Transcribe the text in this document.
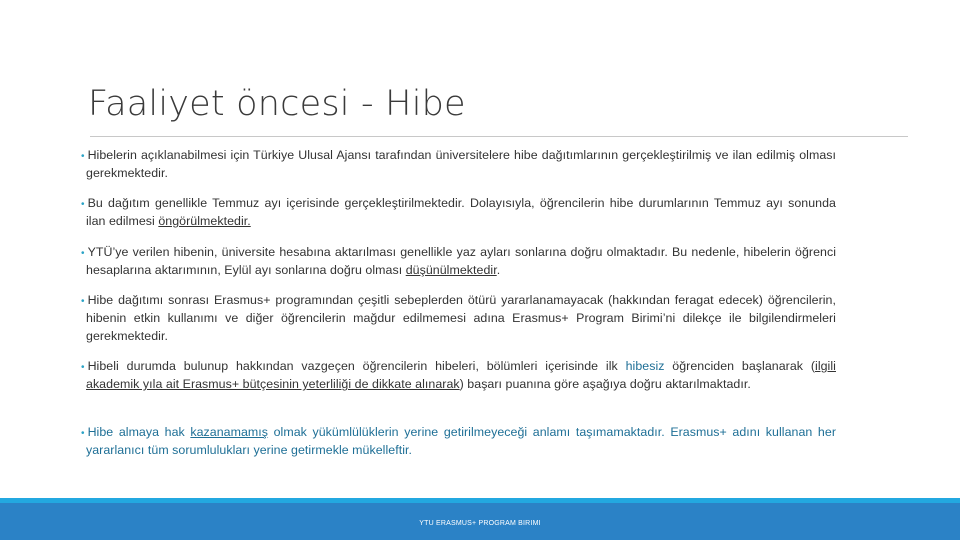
Faaliyet öncesi - Hibe
• Hibelerin açıklanabilmesi için Türkiye Ulusal Ajansı tarafından üniversitelere hibe dağıtımlarının gerçekleştirilmiş ve ilan edilmiş olması gerekmektedir.
• Bu dağıtım genellikle Temmuz ayı içerisinde gerçekleştirilmektedir. Dolayısıyla, öğrencilerin hibe durumlarının Temmuz ayı sonunda ilan edilmesi öngörülmektedir.
• YTÜ’ye verilen hibenin, üniversite hesabına aktarılması genellikle yaz ayları sonlarına doğru olmaktadır. Bu nedenle, hibelerin öğrenci hesaplarına aktarımının, Eylül ayı sonlarına doğru olması düşünülmektedir.
• Hibe dağıtımı sonrası Erasmus+ programından çeşitli sebeplerden ötürü yararlanamayacak (hakkından feragat edecek) öğrencilerin, hibenin etkin kullanımı ve diğer öğrencilerin mağdur edilmemesi adına Erasmus+ Program Birimi’ni dilekçe ile bilgilendirmeleri gerekmektedir.
• Hibeli durumda bulunup hakkından vazgeçen öğrencilerin hibeleri, bölümleri içerisinde ilk hibesiz öğrenciden başlanarak (ilgili akademik yıla ait Erasmus+ bütçesinin yeterliliği de dikkate alınarak) başarı puanına göre aşağıya doğru aktarılmaktadır.
• Hibe almaya hak kazanamamış olmak yükümlülüklerin yerine getirilmeyeceği anlamı taşımamaktadır. Erasmus+ adını kullanan her yararlanıcı tüm sorumlulukları yerine getirmekle mükelleftir.
YTU ERASMUS+ PROGRAM BIRIMI
